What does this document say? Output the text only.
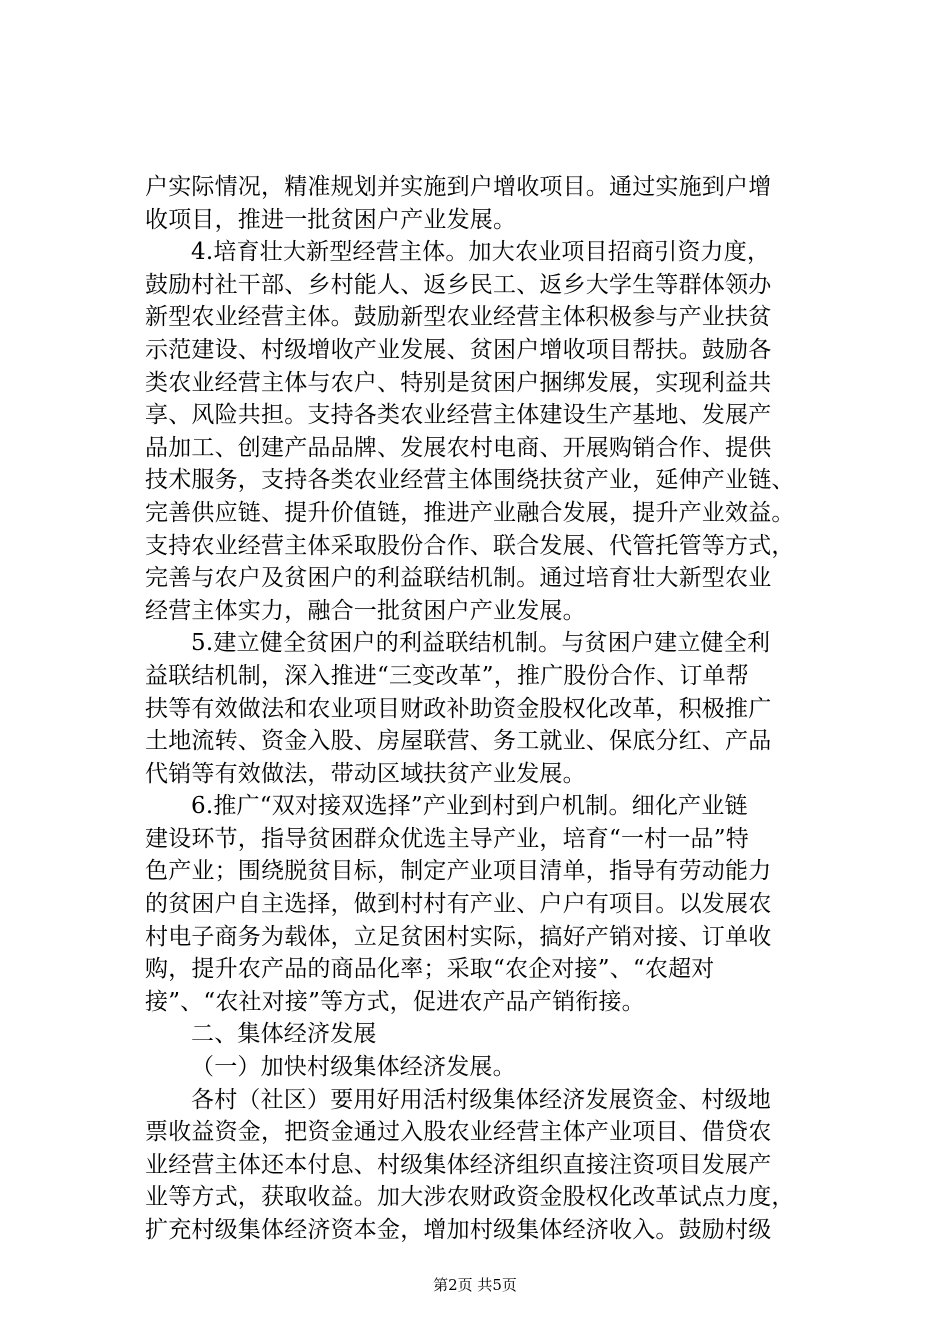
户实际情况，精准规划并实施到户增收项目。通过实施到户增
收项目，推进一批贫困户产业发展。
4.培育壮大新型经营主体。加大农业项目招商引资力度，
鼓励村社干部、乡村能人、返乡民工、返乡大学生等群体领办
新型农业经营主体。鼓励新型农业经营主体积极参与产业扶贫
示范建设、村级增收产业发展、贫困户增收项目帮扶。鼓励各
类农业经营主体与农户、特别是贫困户捆绑发展，实现利益共
享、风险共担。支持各类农业经营主体建设生产基地、发展产
品加工、创建产品品牌、发展农村电商、开展购销合作、提供
技术服务，支持各类农业经营主体围绕扶贫产业，延伸产业链、
完善供应链、提升价值链，推进产业融合发展，提升产业效益。
支持农业经营主体采取股份合作、联合发展、代管托管等方式，
完善与农户及贫困户的利益联结机制。通过培育壮大新型农业
经营主体实力，融合一批贫困户产业发展。
5.建立健全贫困户的利益联结机制。与贫困户建立健全利
益联结机制，深入推进“三变改革”，推广股份合作、订单帮
扶等有效做法和农业项目财政补助资金股权化改革，积极推广
土地流转、资金入股、房屋联营、务工就业、保底分红、产品
代销等有效做法，带动区域扶贫产业发展。
6.推广“双对接双选择”产业到村到户机制。细化产业链
建设环节，指导贫困群众优选主导产业，培育“一村一品”特
色产业；围绕脱贫目标，制定产业项目清单，指导有劳动能力
的贫困户自主选择，做到村村有产业、户户有项目。以发展农
村电子商务为载体，立足贫困村实际，搞好产销对接、订单收
购，提升农产品的商品化率；采取“农企对接”、“农超对
接”、“农社对接”等方式，促进农产品产销衔接。
二、集体经济发展
（一）加快村级集体经济发展。
各村（社区）要用好用活村级集体经济发展资金、村级地
票收益资金，把资金通过入股农业经营主体产业项目、借贷农
业经营主体还本付息、村级集体经济组织直接注资项目发展产
业等方式，获取收益。加大涉农财政资金股权化改革试点力度，
扩充村级集体经济资本金，增加村级集体经济收入。鼓励村级
第2页 共5页
